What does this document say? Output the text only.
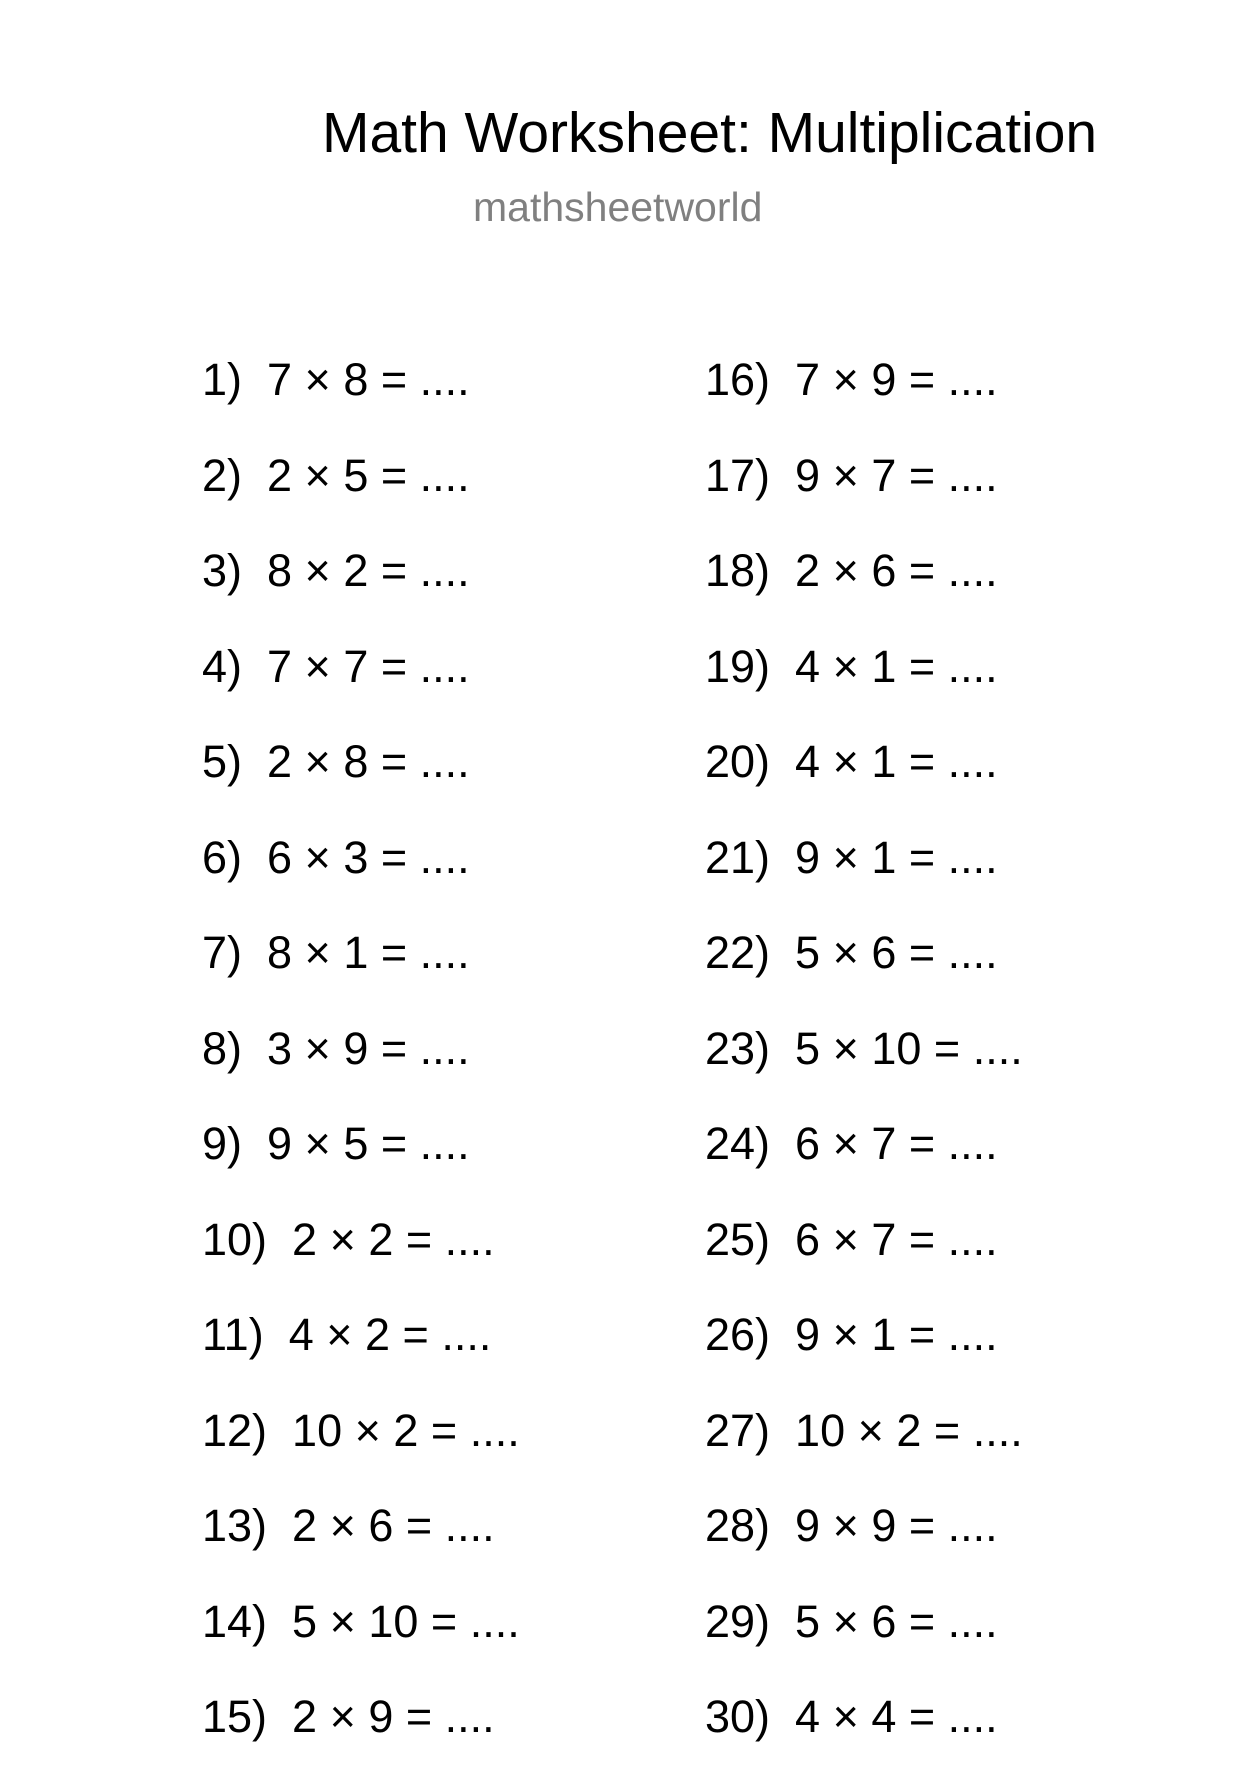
Math Worksheet: Multiplication
mathsheetworld
1)  7 × 8 = ....
2)  2 × 5 = ....
3)  8 × 2 = ....
4)  7 × 7 = ....
5)  2 × 8 = ....
6)  6 × 3 = ....
7)  8 × 1 = ....
8)  3 × 9 = ....
9)  9 × 5 = ....
10)  2 × 2 = ....
11)  4 × 2 = ....
12)  10 × 2 = ....
13)  2 × 6 = ....
14)  5 × 10 = ....
15)  2 × 9 = ....
16)  7 × 9 = ....
17)  9 × 7 = ....
18)  2 × 6 = ....
19)  4 × 1 = ....
20)  4 × 1 = ....
21)  9 × 1 = ....
22)  5 × 6 = ....
23)  5 × 10 = ....
24)  6 × 7 = ....
25)  6 × 7 = ....
26)  9 × 1 = ....
27)  10 × 2 = ....
28)  9 × 9 = ....
29)  5 × 6 = ....
30)  4 × 4 = ....
